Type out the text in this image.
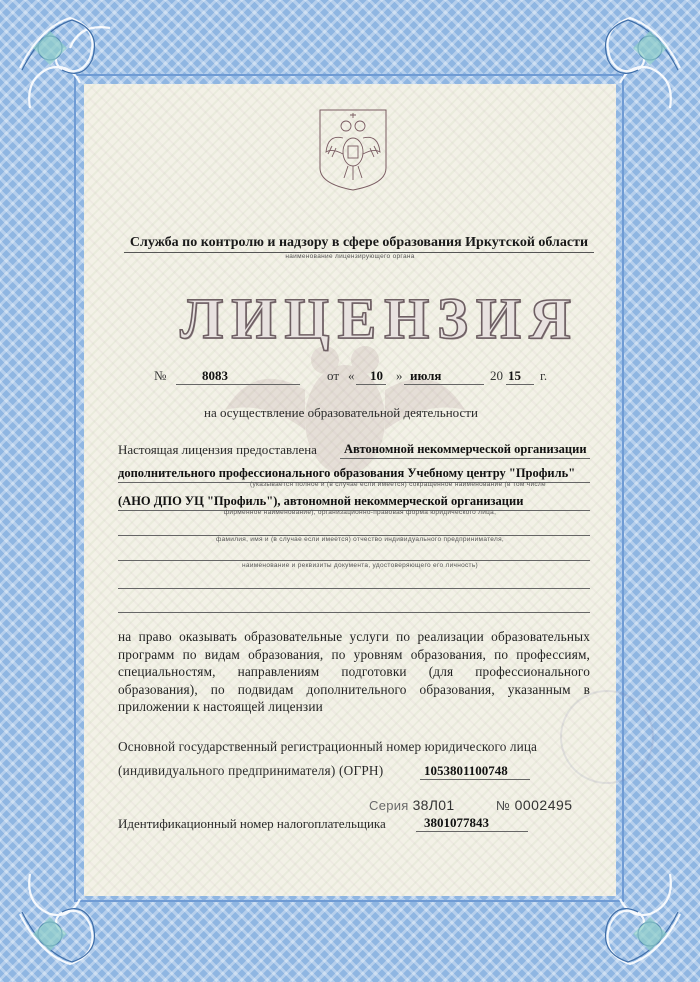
Служба по контролю и надзору в сфере образования Иркутской области
наименование лицензирующего органа
ЛИЦЕНЗИЯ
№	8083	от « 10 » июля	20 15 г.
на осуществление образовательной деятельности
Настоящая лицензия предоставлена Автономной некоммерческой организации
дополнительного профессионального образования Учебному центру "Профиль"
(указывается полное и (в случае если имеется) сокращенное наименование (в том числе
(АНО ДПО УЦ "Профиль"), автономной некоммерческой организации
фирменное наименование), организационно-правовая форма юридического лица,
фамилия, имя и (в случае если имеется) отчество индивидуального предпринимателя,
наименование и реквизиты документа, удостоверяющего его личность)
на право оказывать образовательные услуги по реализации образовательных программ по видам образования, по уровням образования, по профессиям, специальностям, направлениям подготовки (для профессионального образования), по подвидам дополнительного образования, указанным в приложении к настоящей лицензии
Основной государственный регистрационный номер юридического лица
(индивидуального предпринимателя) (ОГРН)	1053801100748
Идентификационный номер налогоплательщика	3801077843
Серия 38Л01	№ 0002495
